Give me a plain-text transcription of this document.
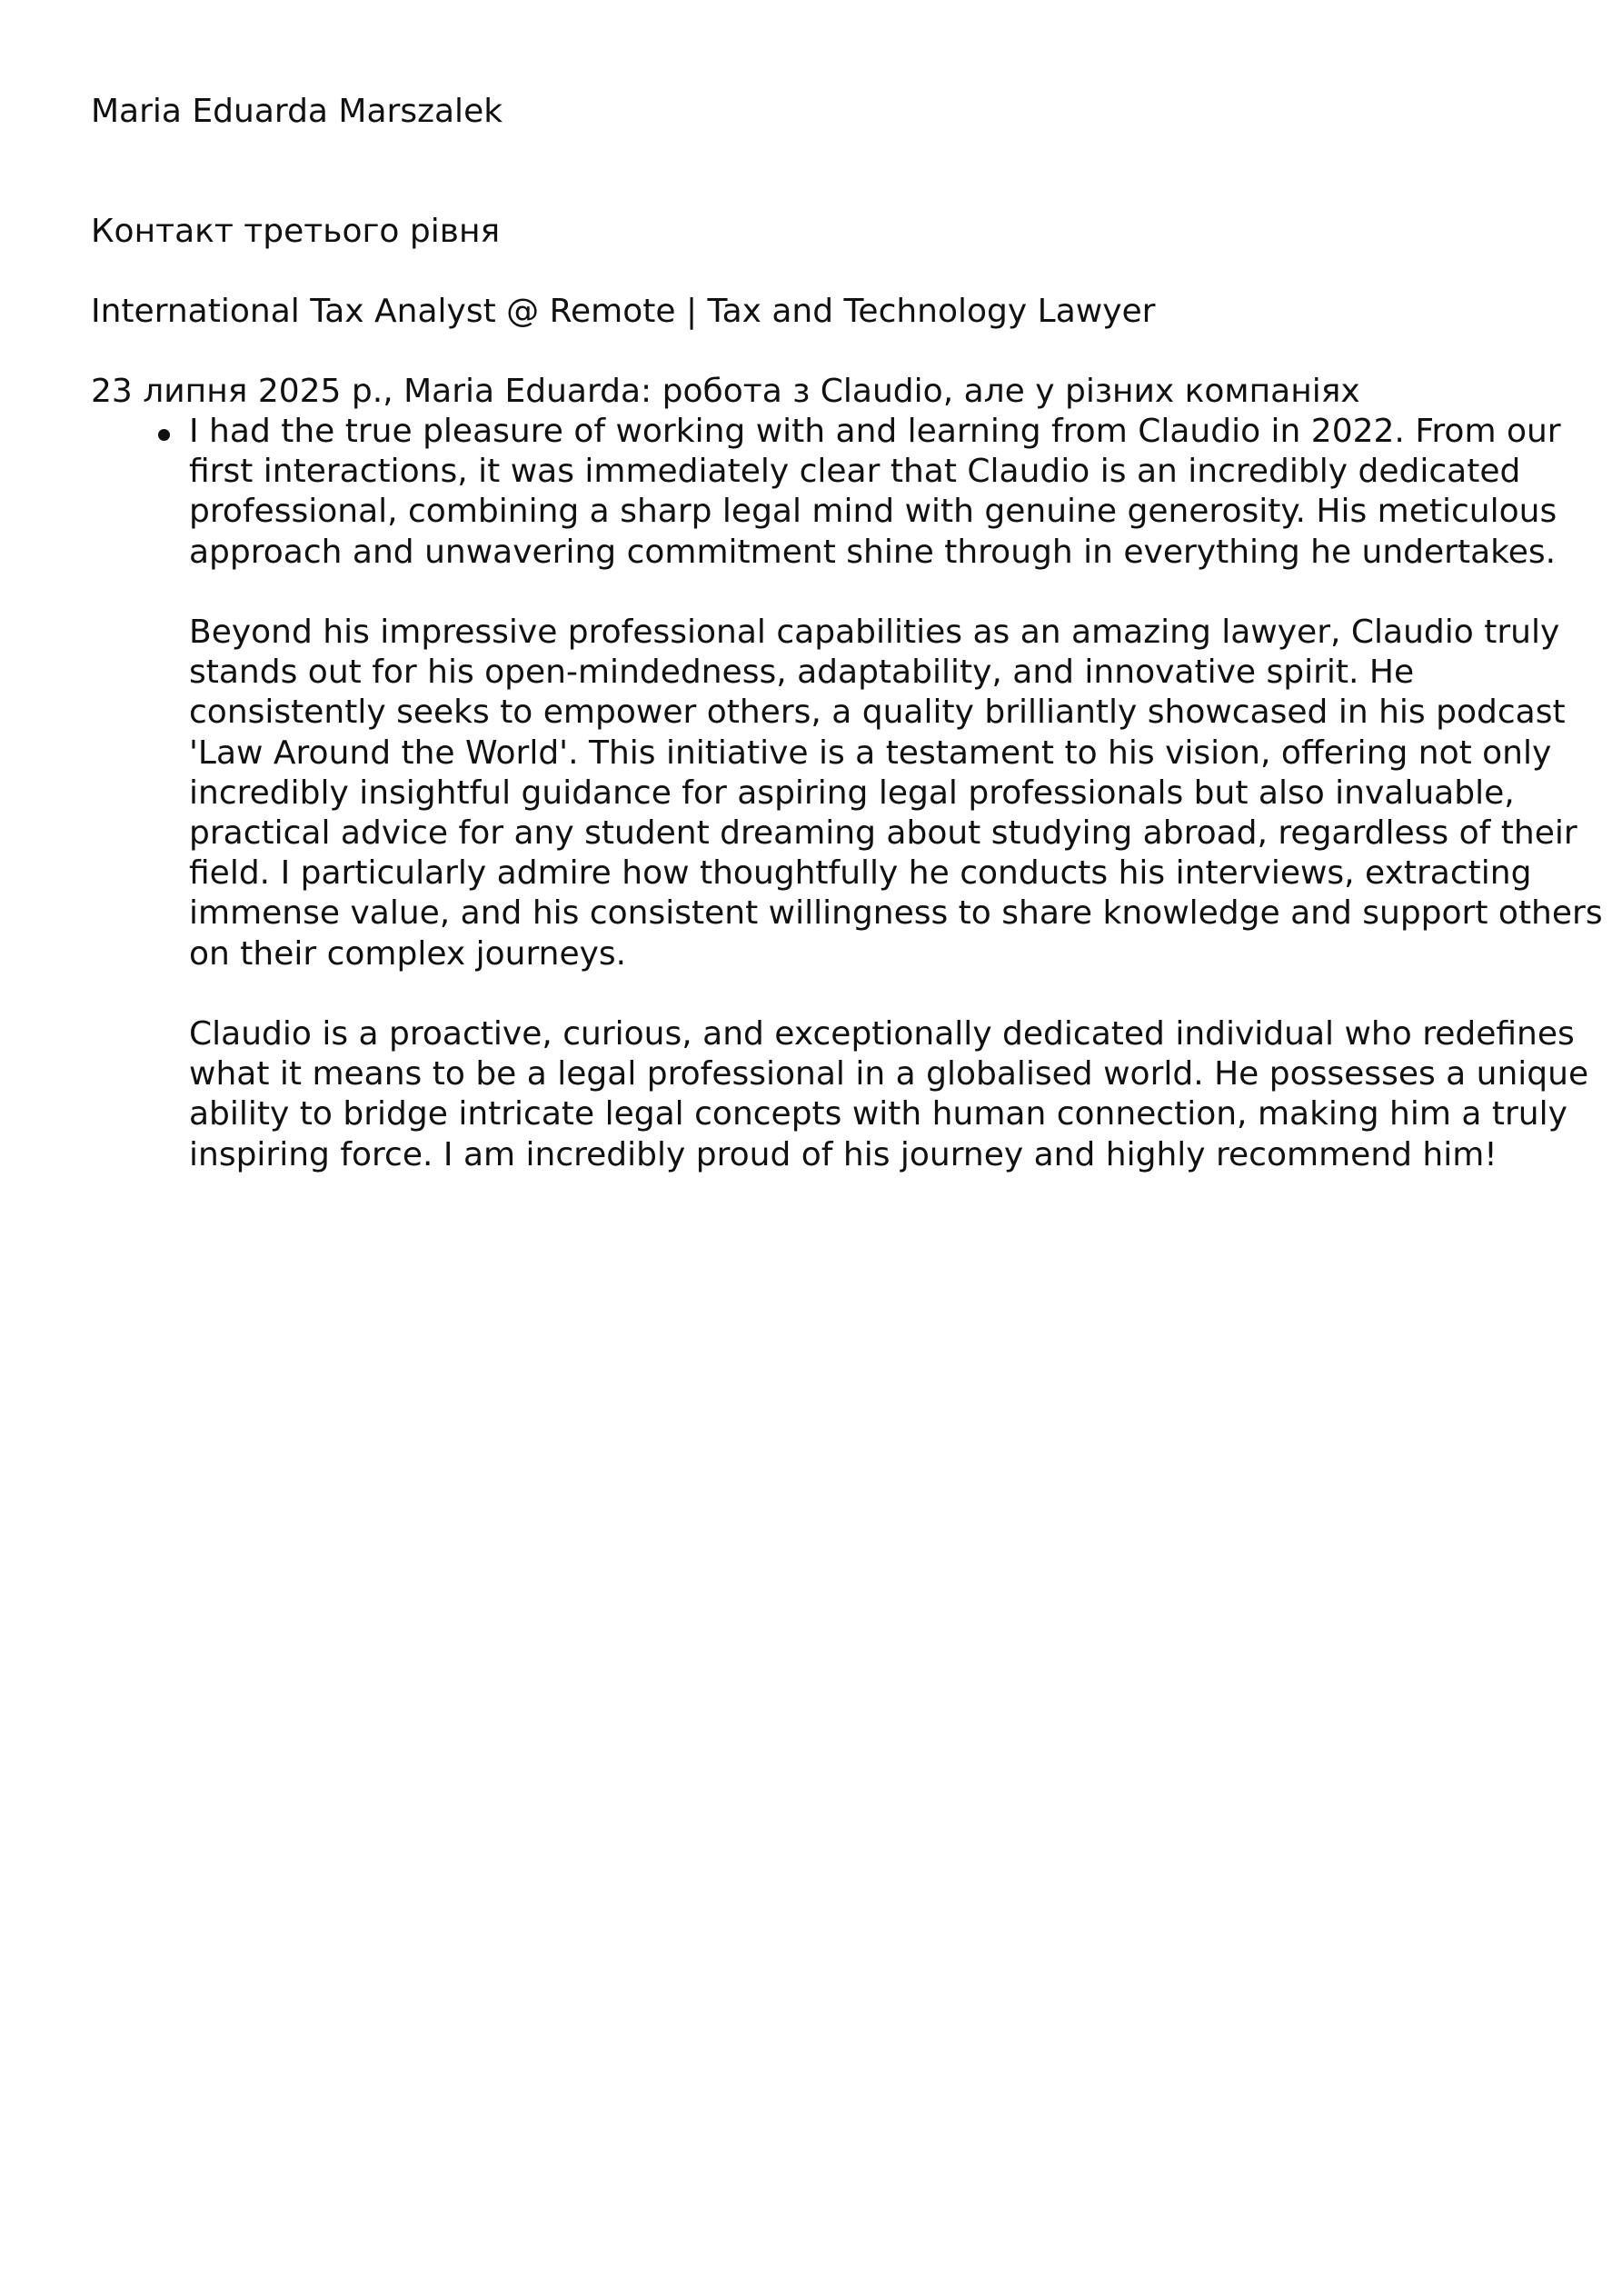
Maria Eduarda Marszalek
Контакт третього рівня
International Tax Analyst @ Remote | Tax and Technology Lawyer
23 липня 2025 р., Maria Eduarda: робота з Claudio, але у різних компаніях

I had the true pleasure of working with and learning from Claudio in 2022. From our
first interactions, it was immediately clear that Claudio is an incredibly dedicated
professional, combining a sharp legal mind with genuine generosity. His meticulous
approach and unwavering commitment shine through in everything he undertakes.

Beyond his impressive professional capabilities as an amazing lawyer, Claudio truly
stands out for his open-mindedness, adaptability, and innovative spirit. He
consistently seeks to empower others, a quality brilliantly showcased in his podcast
'Law Around the World'. This initiative is a testament to his vision, offering not only
incredibly insightful guidance for aspiring legal professionals but also invaluable,
practical advice for any student dreaming about studying abroad, regardless of their
field. I particularly admire how thoughtfully he conducts his interviews, extracting
immense value, and his consistent willingness to share knowledge and support others
on their complex journeys.

Claudio is a proactive, curious, and exceptionally dedicated individual who redefines
what it means to be a legal professional in a globalised world. He possesses a unique
ability to bridge intricate legal concepts with human connection, making him a truly
inspiring force. I am incredibly proud of his journey and highly recommend him!
